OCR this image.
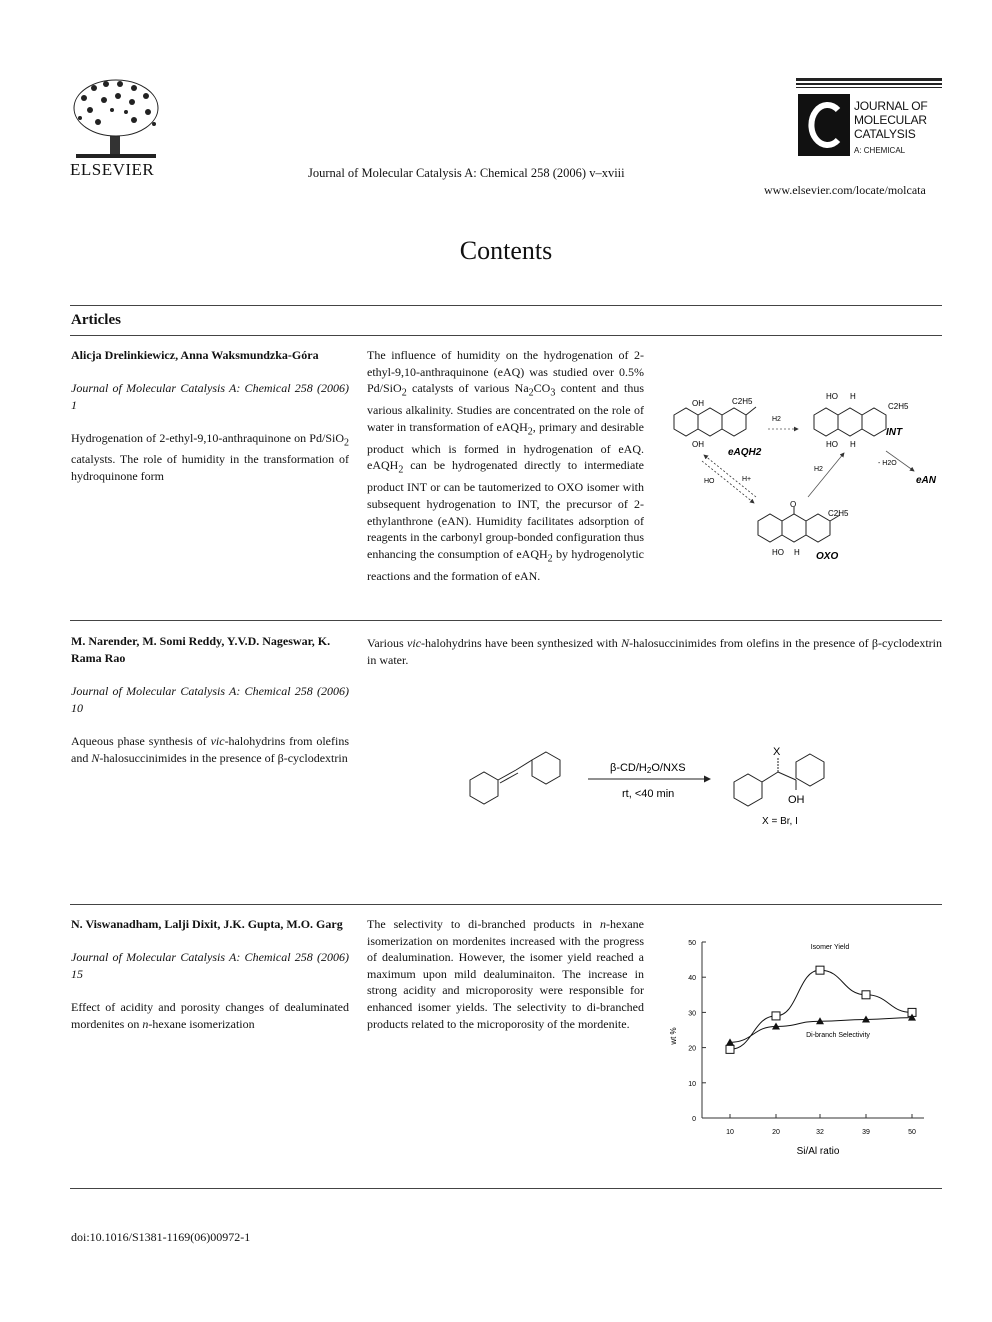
ELSEVIER	Journal of Molecular Catalysis A: Chemical 258 (2006) v–xviii
JOURNAL OF
MOLECULAR
CATALYSIS
A: CHEMICAL
www.elsevier.com/locate/molcata
Contents
Articles
Alicja Drelinkiewicz, Anna Waksmundzka-Góra
Journal of Molecular Catalysis A: Chemical 258 (2006) 1
Hydrogenation of 2-ethyl-9,10-anthraquinone on Pd/SiO$_2$ catalysts. The role of humidity in the transformation of hydroquinone form
The influence of humidity on the hydrogenation of 2-ethyl-9,10-anthraquinone (eAQ) was studied over 0.5% Pd/SiO$_2$ catalysts of various $Na_2CO_3$ content and thus various alkalinity. Studies are concentrated on the role of water in transformation of eAQH$_2$, primary and desirable product which is formed in hydrogenation of eAQ. eAQH$_2$ can be hydrogenated directly to intermediate product INT or can be tautomerized to OXO isomer with subsequent hydrogenation to INT, the precursor of 2-ethylanthrone (eAN). Humidity facilitates adsorption of reagents in the carbonyl group-bonded configuration thus enhancing the consumption of eAQH$_2$ by hydrogenolytic reactions and the formation of eAN.
OH
OH
C2H5
eAQH2
H2
HO H
HO H
C2H5
INT
- H2O
eAN
HO	H+
H2
O
C2H5
HO H OXO
M. Narender, M. Somi Reddy, Y.V.D. Nageswar, K. Rama Rao
Journal of Molecular Catalysis A: Chemical 258 (2006) 10
Aqueous phase synthesis of vic-halohydrins from olefins and N-halosuccinimides in the presence of β-cyclodextrin
Various vic-halohydrins have been synthesized with N-halosuccinimides from olefins in the presence of β-cyclodextrin in water.
β-CD/H2O/NXS
rt, <40 min
X
OH
X = Br, I
N. Viswanadham, Lalji Dixit, J.K. Gupta, M.O. Garg
Journal of Molecular Catalysis A: Chemical 258 (2006) 15
Effect of acidity and porosity changes of dealuminated mordenites on n-hexane isomerization
The selectivity to di-branched products in n-hexane isomerization on mordenites increased with the progress of dealumination. However, the isomer yield reached a maximum upon mild dealuminaiton. The increase in strong acidity and microporosity were responsible for enhanced isomer yields. The selectivity to di-branched products related to the microporosity of the mordenite.
0
10
20
30
40
50
10	20	32	39	50
Si/Al ratio
wt %
Isomer Yield
Di-branch Selectivity
doi:10.1016/S1381-1169(06)00972-1
